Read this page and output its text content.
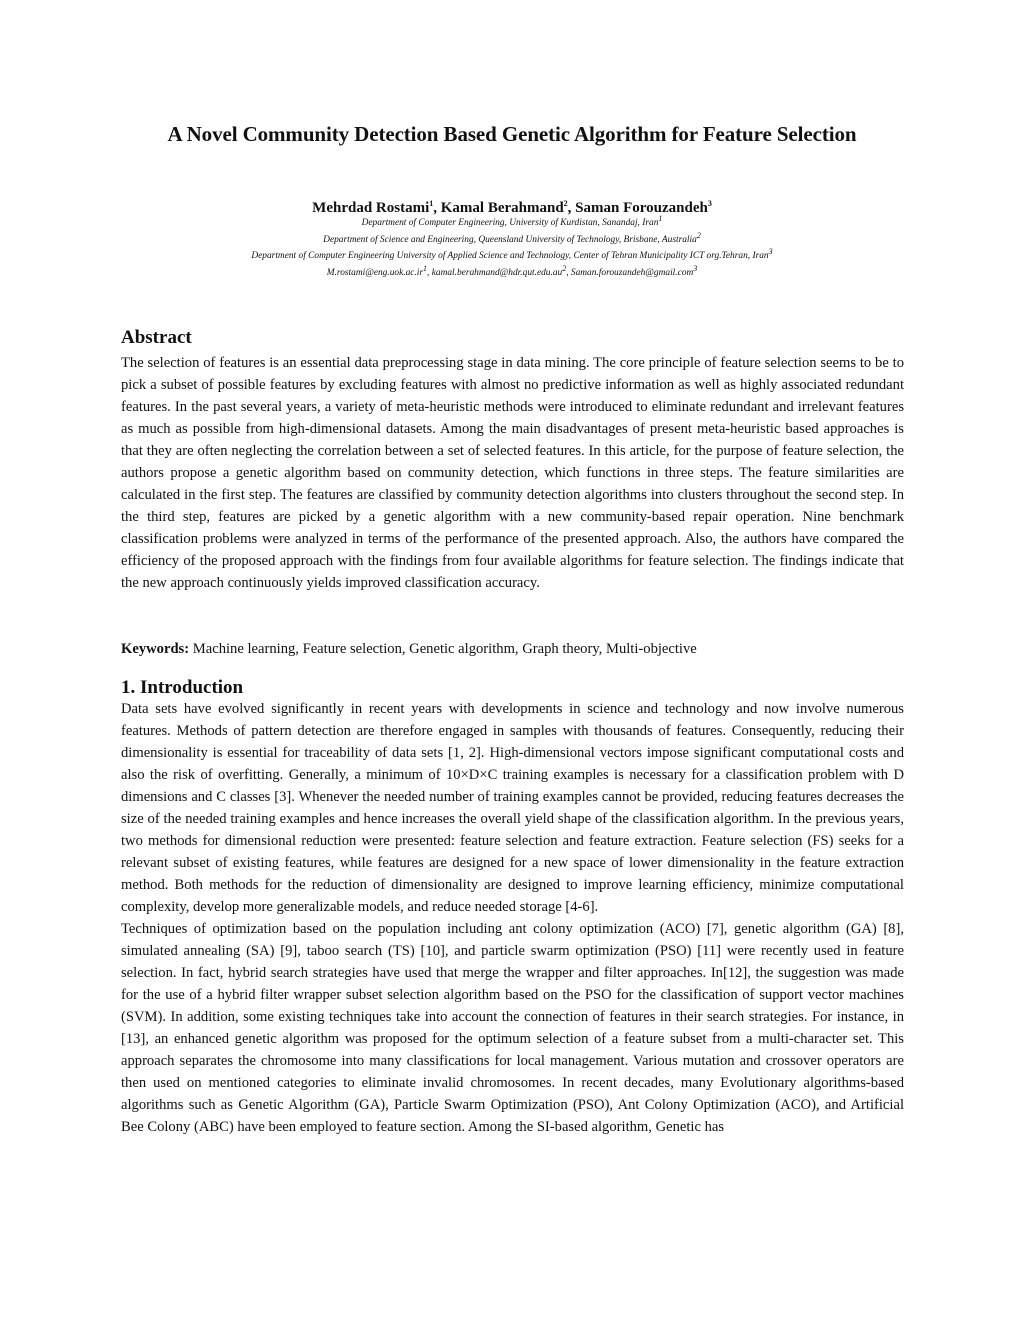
A Novel Community Detection Based Genetic Algorithm for Feature Selection
Mehrdad Rostami$^1$, Kamal Berahmand$^2$, Saman Forouzandeh$^3$
Department of Computer Engineering, University of Kurdistan, Sanandaj, Iran$^1$
Department of Science and Engineering, Queensland University of Technology, Brisbane, Australia$^2$
Department of Computer Engineering University of Applied Science and Technology, Center of Tehran Municipality ICT org.Tehran, Iran$^3$
$M.rostami@eng.uok.ac.ir^1$, $kamal.berahmand@hdr.qut.edu.au^2$, Saman.forouzandeh@gmail.com$^3$
Abstract

The selection of features is an essential data preprocessing stage in data mining. The core principle of feature selection seems to be to pick a subset of possible features by excluding features with almost no predictive information as well as highly associated redundant features. In the past several years, a variety of meta-heuristic methods were introduced to eliminate redundant and irrelevant features as much as possible from high-dimensional datasets. Among the main disadvantages of present meta-heuristic based approaches is that they are often neglecting the correlation between a set of selected features. In this article, for the purpose of feature selection, the authors propose a genetic algorithm based on community detection, which functions in three steps. The feature similarities are calculated in the first step. The features are classified by community detection algorithms into clusters throughout the second step. In the third step, features are picked by a genetic algorithm with a new community-based repair operation. Nine benchmark classification problems were analyzed in terms of the performance of the presented approach. Also, the authors have compared the efficiency of the proposed approach with the findings from four available algorithms for feature selection. The findings indicate that the new approach continuously yields improved classification accuracy.

Keywords: Machine learning, Feature selection, Genetic algorithm, Graph theory, Multi-objective
1. Introduction

Data sets have evolved significantly in recent years with developments in science and technology and now involve numerous features. Methods of pattern detection are therefore engaged in samples with thousands of features. Consequently, reducing their dimensionality is essential for traceability of data sets [1, 2]. High-dimensional vectors impose significant computational costs and also the risk of overfitting. Generally, a minimum of 10×D×C training examples is necessary for a classification problem with D dimensions and C classes [3]. Whenever the needed number of training examples cannot be provided, reducing features decreases the size of the needed training examples and hence increases the overall yield shape of the classification algorithm. In the previous years, two methods for dimensional reduction were presented: feature selection and feature extraction. Feature selection (FS) seeks for a relevant subset of existing features, while features are designed for a new space of lower dimensionality in the feature extraction method. Both methods for the reduction of dimensionality are designed to improve learning efficiency, minimize computational complexity, develop more generalizable models, and reduce needed storage [4-6].

Techniques of optimization based on the population including ant colony optimization (ACO) [7], genetic algorithm (GA) [8], simulated annealing (SA) [9], taboo search (TS) [10], and particle swarm optimization (PSO) [11] were recently used in feature selection. In fact, hybrid search strategies have used that merge the wrapper and filter approaches. In[12], the suggestion was made for the use of a hybrid filter wrapper subset selection algorithm based on the PSO for the classification of support vector machines (SVM). In addition, some existing techniques take into account the connection of features in their search strategies. For instance, in [13], an enhanced genetic algorithm was proposed for the optimum selection of a feature subset from a multi-character set. This approach separates the chromosome into many classifications for local management. Various mutation and crossover operators are then used on mentioned categories to eliminate invalid chromosomes. In recent decades, many Evolutionary algorithms-based algorithms such as Genetic Algorithm (GA), Particle Swarm Optimization (PSO), Ant Colony Optimization (ACO), and Artificial Bee Colony (ABC) have been employed to feature section. Among the SI-based algorithm, Genetic has
